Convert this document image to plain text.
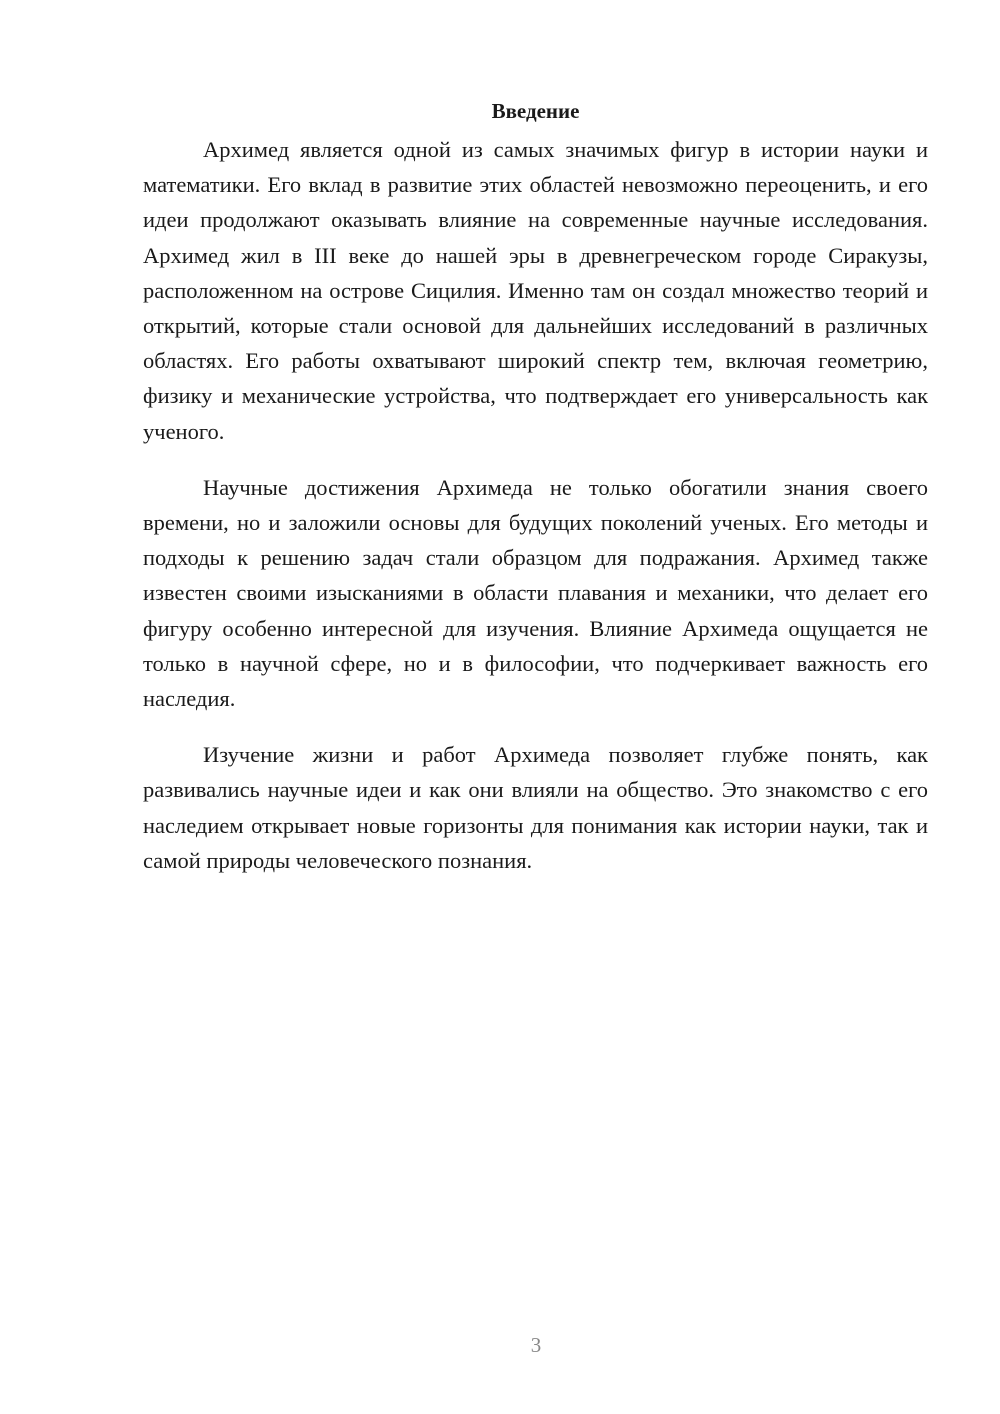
Введение

Архимед является одной из самых значимых фигур в истории науки и математики. Его вклад в развитие этих областей невозможно переоценить, и его идеи продолжают оказывать влияние на современные научные исследования. Архимед жил в III веке до нашей эры в древнегреческом городе Сиракузы, расположенном на острове Сицилия. Именно там он создал множество теорий и открытий, которые стали основой для дальнейших исследований в различных областях. Его работы охватывают широкий спектр тем, включая геометрию, физику и механические устройства, что подтверждает его универсальность как ученого.

Научные достижения Архимеда не только обогатили знания своего времени, но и заложили основы для будущих поколений ученых. Его методы и подходы к решению задач стали образцом для подражания. Архимед также известен своими изысканиями в области плавания и механики, что делает его фигуру особенно интересной для изучения. Влияние Архимеда ощущается не только в научной сфере, но и в философии, что подчеркивает важность его наследия.

Изучение жизни и работ Архимеда позволяет глубже понять, как развивались научные идеи и как они влияли на общество. Это знакомство с его наследием открывает новые горизонты для понимания как истории науки, так и самой природы человеческого познания.

3
